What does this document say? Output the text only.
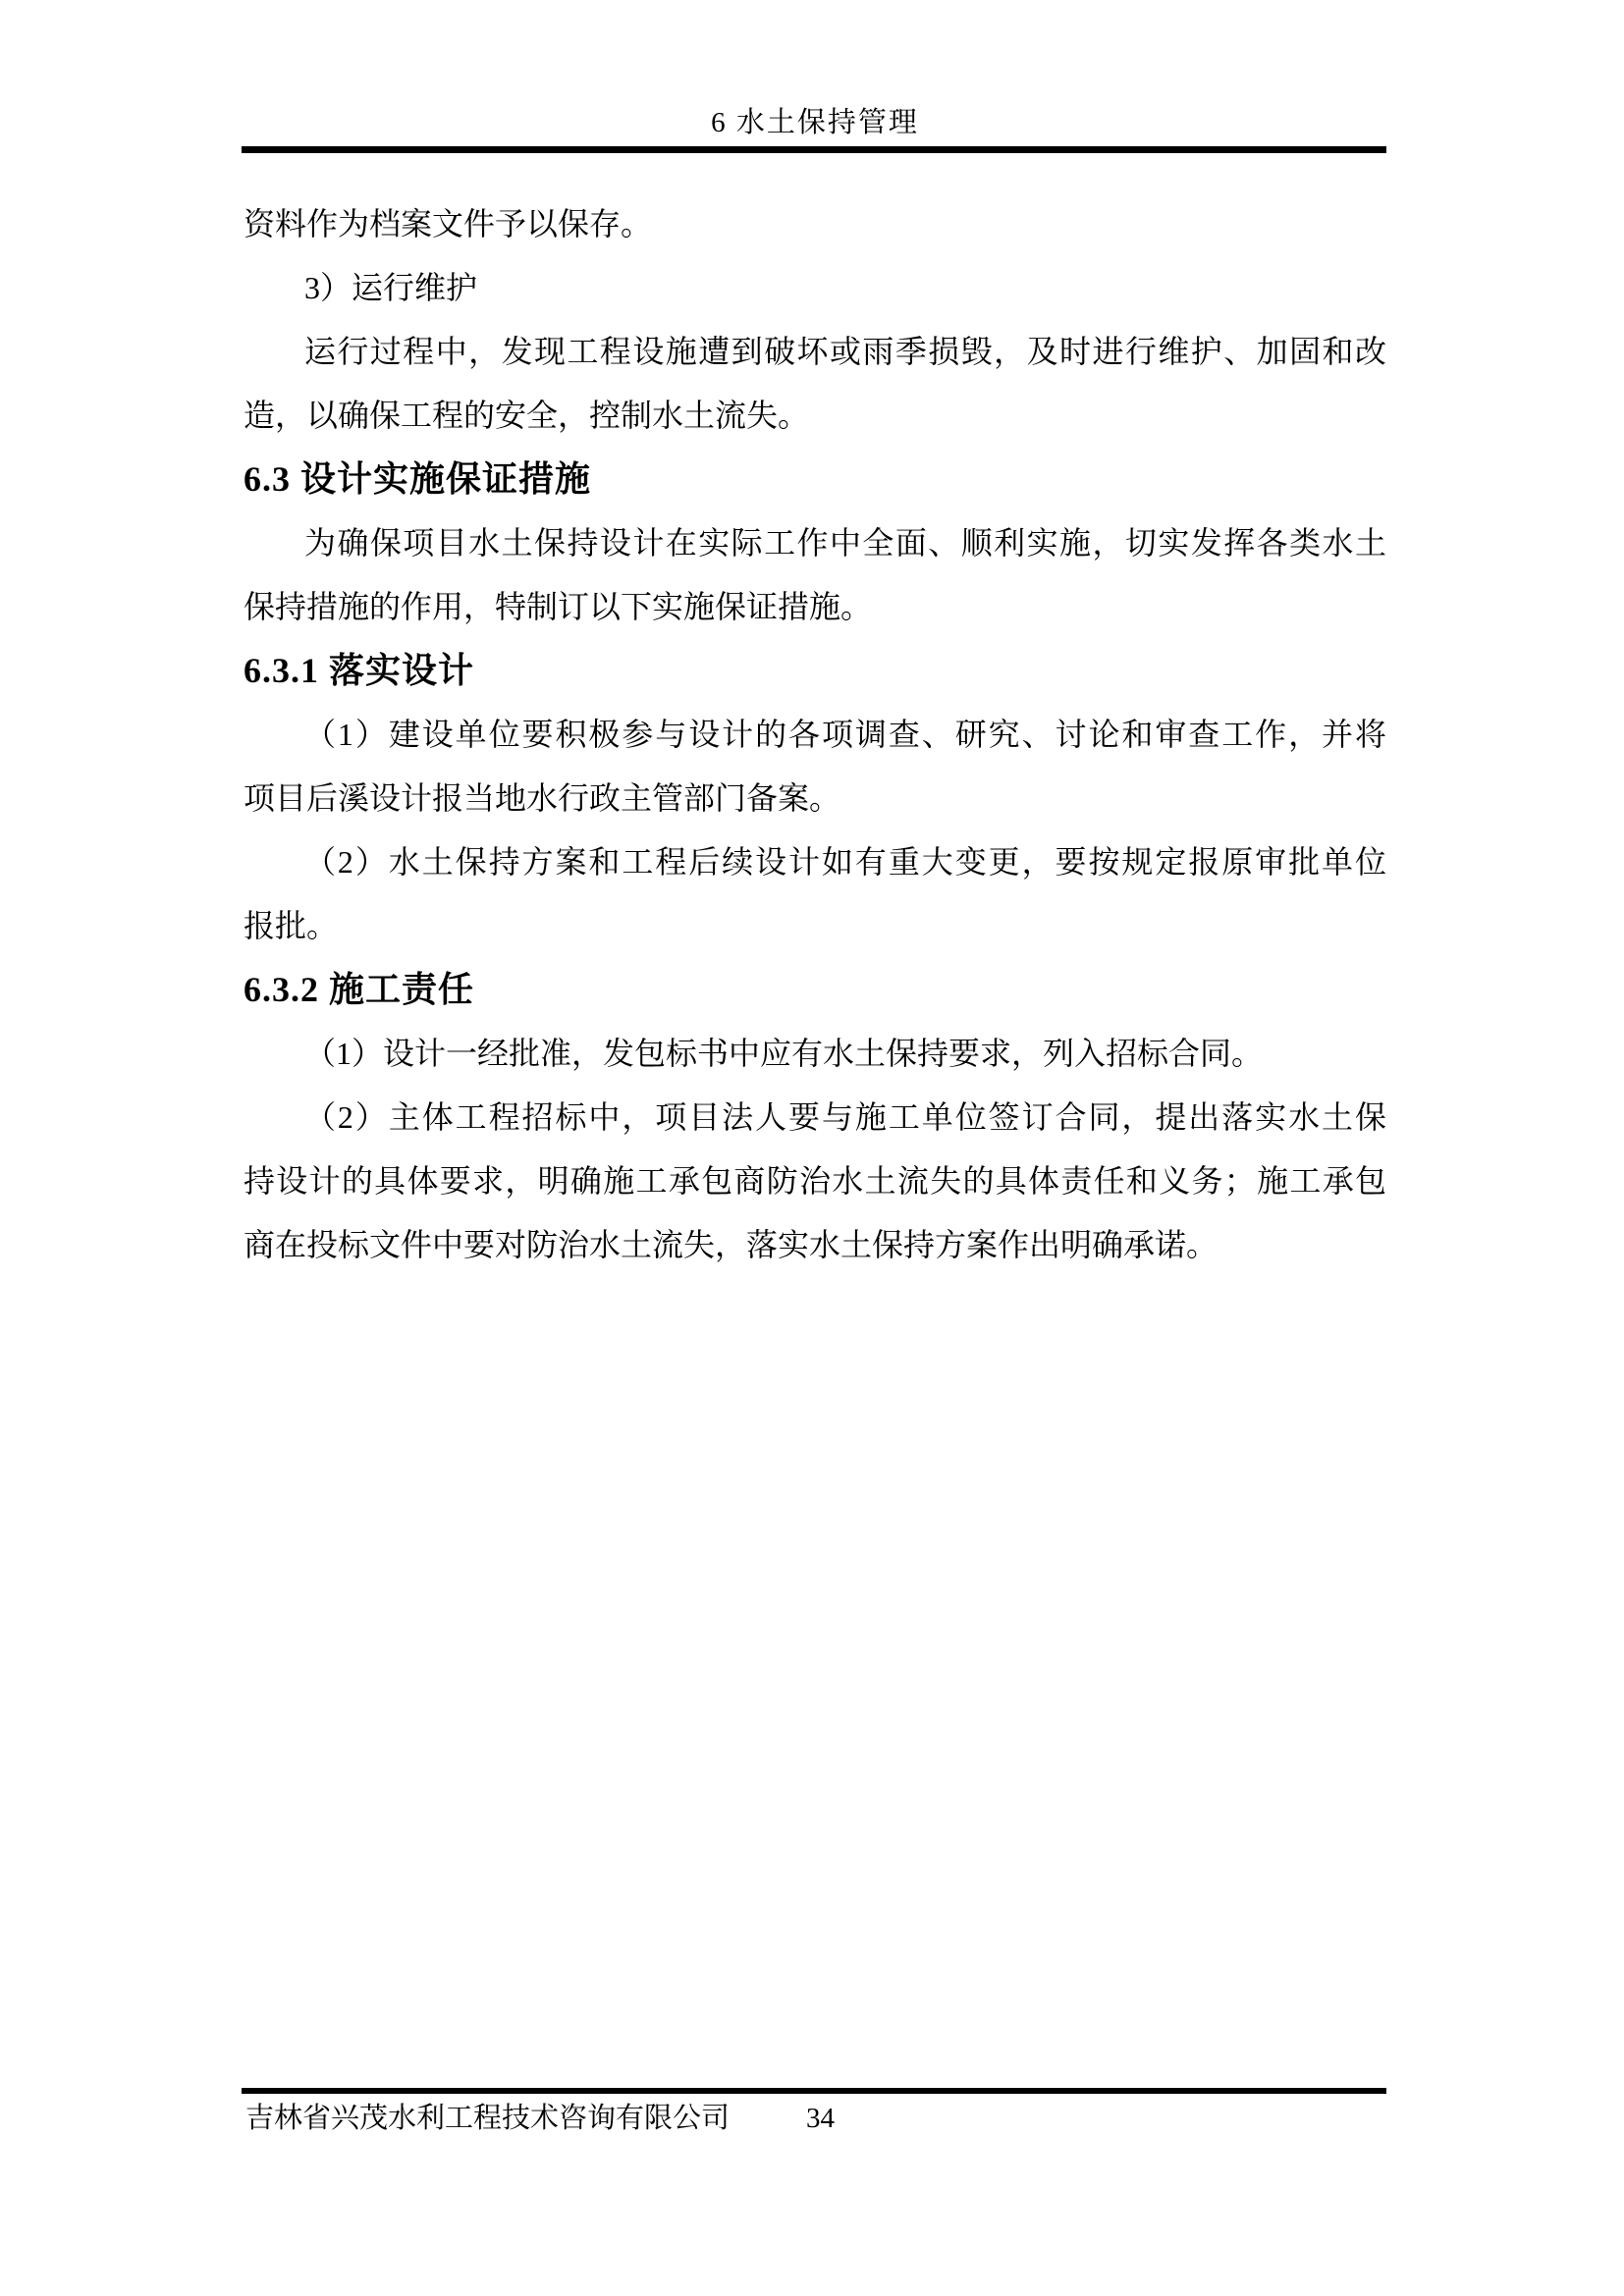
6 水土保持管理
资料作为档案文件予以保存。
3）运行维护
运行过程中，发现工程设施遭到破坏或雨季损毁，及时进行维护、加固和改
造，以确保工程的安全，控制水土流失。
6.3 设计实施保证措施
为确保项目水土保持设计在实际工作中全面、顺利实施，切实发挥各类水土
保持措施的作用，特制订以下实施保证措施。
6.3.1 落实设计
（1）建设单位要积极参与设计的各项调查、研究、讨论和审查工作，并将
项目后溪设计报当地水行政主管部门备案。
（2）水土保持方案和工程后续设计如有重大变更，要按规定报原审批单位
报批。
6.3.2 施工责任
（1）设计一经批准，发包标书中应有水土保持要求，列入招标合同。
（2）主体工程招标中，项目法人要与施工单位签订合同，提出落实水土保
持设计的具体要求，明确施工承包商防治水土流失的具体责任和义务；施工承包
商在投标文件中要对防治水土流失，落实水土保持方案作出明确承诺。
吉林省兴茂水利工程技术咨询有限公司	34
